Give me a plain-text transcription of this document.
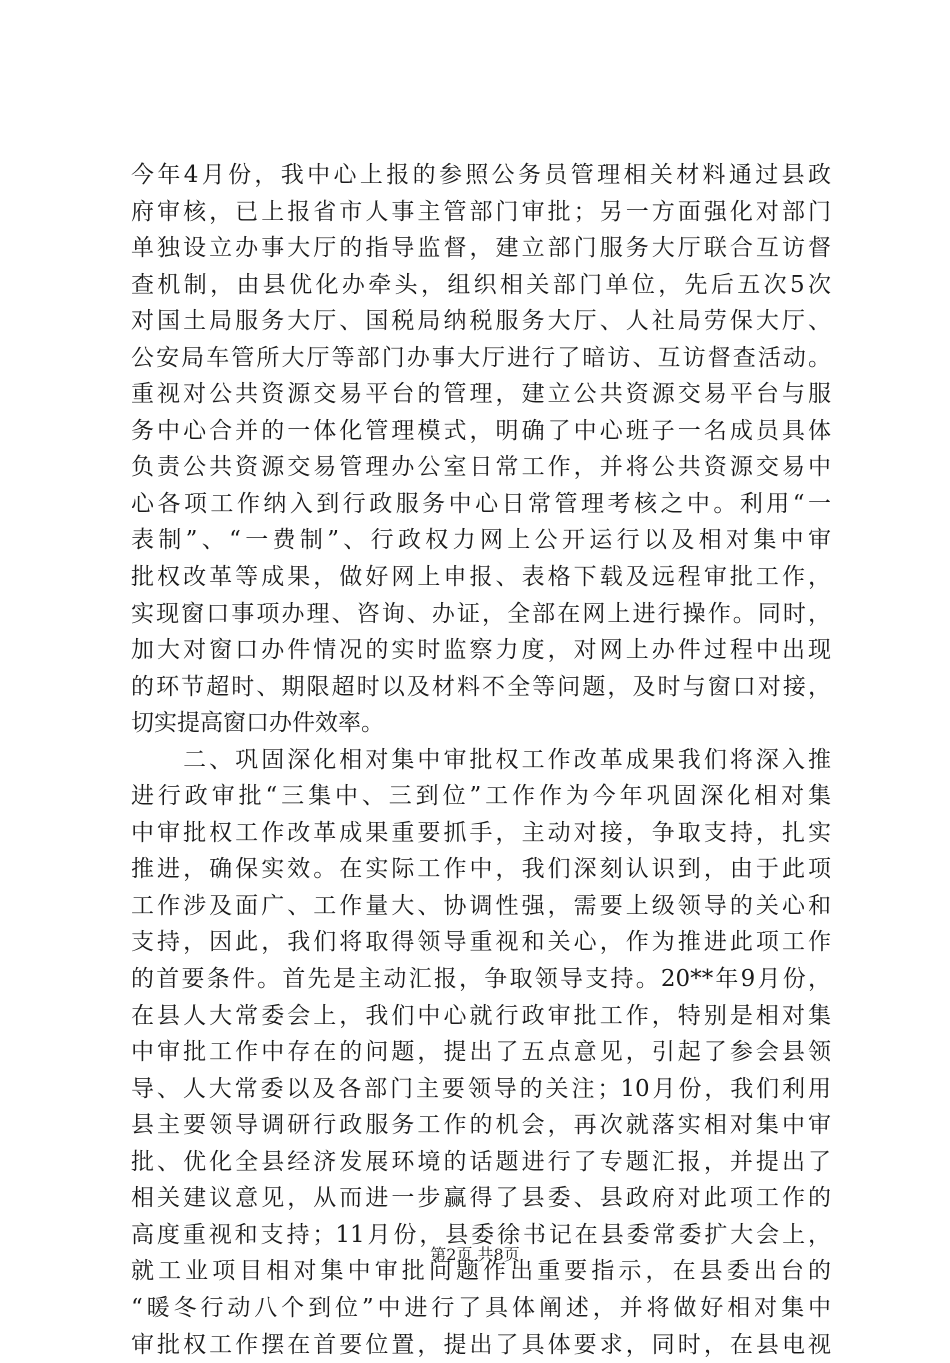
今年4月份，我中心上报的参照公务员管理相关材料通过县政
府审核，已上报省市人事主管部门审批；另一方面强化对部门
单独设立办事大厅的指导监督，建立部门服务大厅联合互访督
查机制，由县优化办牵头，组织相关部门单位，先后五次5次
对国土局服务大厅、国税局纳税服务大厅、人社局劳保大厅、
公安局车管所大厅等部门办事大厅进行了暗访、互访督查活动。
重视对公共资源交易平台的管理，建立公共资源交易平台与服
务中心合并的一体化管理模式，明确了中心班子一名成员具体
负责公共资源交易管理办公室日常工作，并将公共资源交易中
心各项工作纳入到行政服务中心日常管理考核之中。利用“一
表制”、“一费制”、行政权力网上公开运行以及相对集中审
批权改革等成果，做好网上申报、表格下载及远程审批工作，
实现窗口事项办理、咨询、办证，全部在网上进行操作。同时，
加大对窗口办件情况的实时监察力度，对网上办件过程中出现
的环节超时、期限超时以及材料不全等问题，及时与窗口对接，
切实提高窗口办件效率。
　　二、巩固深化相对集中审批权工作改革成果我们将深入推
进行政审批“三集中、三到位”工作作为今年巩固深化相对集
中审批权工作改革成果重要抓手，主动对接，争取支持，扎实
推进，确保实效。在实际工作中，我们深刻认识到，由于此项
工作涉及面广、工作量大、协调性强，需要上级领导的关心和
支持，因此，我们将取得领导重视和关心，作为推进此项工作
的首要条件。首先是主动汇报，争取领导支持。20**年9月份，
在县人大常委会上，我们中心就行政审批工作，特别是相对集
中审批工作中存在的问题，提出了五点意见，引起了参会县领
导、人大常委以及各部门主要领导的关注；10月份，我们利用
县主要领导调研行政服务工作的机会，再次就落实相对集中审
批、优化全县经济发展环境的话题进行了专题汇报，并提出了
相关建议意见，从而进一步赢得了县委、县政府对此项工作的
高度重视和支持；11月份，县委徐书记在县委常委扩大会上，
就工业项目相对集中审批问题作出重要指示，在县委出台的
“暖冬行动八个到位”中进行了具体阐述，并将做好相对集中
审批权工作摆在首要位置，提出了具体要求，同时，在县电视
第2页 共8页
